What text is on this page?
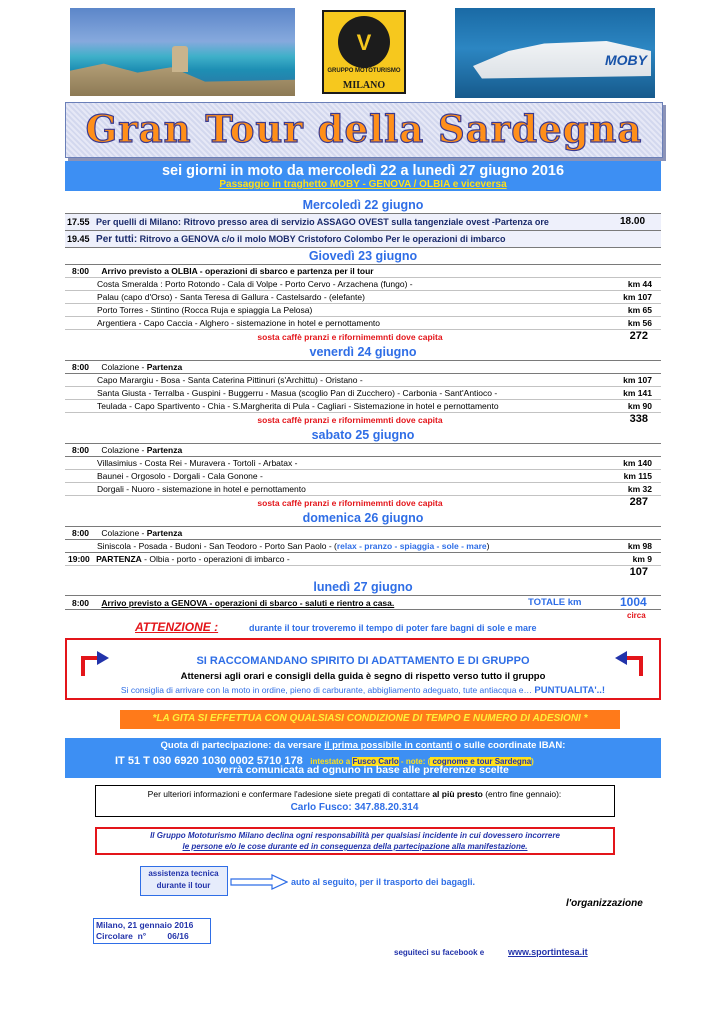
V
GRUPPO MOTOTURISMO
MILANO
MOBY
Gran Tour della Sardegna
sei giorni in moto da mercoledì 22 a lunedì 27 giugno 2016
Passaggio in traghetto MOBY - GENOVA / OLBIA e viceversa
Mercoledì 22 giugno
17.55 Per quelli di Milano: Ritrovo presso area di servizio ASSAGO OVEST sulla tangenziale ovest -Partenza ore	18.00
19.45 Per tutti: Ritrovo a GENOVA c/o il molo MOBY Cristoforo Colombo Per le operazioni di imbarco
Giovedì 23 giugno
8:00 Arrivo previsto a OLBIA - operazioni di sbarco e partenza per il tour
Costa Smeralda : Porto Rotondo - Cala di Volpe - Porto Cervo - Arzachena (fungo) -	km 44
Palau (capo d'Orso) - Santa Teresa di Gallura - Castelsardo - (elefante)	km 107
Porto Torres - Stintino (Rocca Ruja e spiaggia La Pelosa)	km 65
Argentiera - Capo Caccia - Alghero - sistemazione in hotel e pernottamento	km 56
sosta caffè pranzi e rifornimemnti dove capita	272
venerdì 24 giugno
8:00 Colazione - Partenza
Capo Marargiu - Bosa - Santa Caterina Pittinuri (s'Archittu) - Oristano -	km 107
Santa Giusta - Terralba - Guspini - Buggerru - Masua (scoglio Pan di Zucchero) - Carbonia - Sant'Antioco -	km 141
Teulada - Capo Spartivento - Chia - S.Margherita di Pula - Cagliari - Sistemazione in hotel e pernottamento	km 90
sosta caffè pranzi e rifornimemnti dove capita	338
sabato 25 giugno
8:00 Colazione - Partenza
Villasimius - Costa Rei - Muravera - Tortolì - Arbatax -	km 140
Baunei - Orgosolo - Dorgali - Cala Gonone -	km 115
Dorgali - Nuoro - sistemazione in hotel e pernottamento	km 32
sosta caffè pranzi e rifornimemnti dove capita	287
domenica 26 giugno
8:00 Colazione - Partenza
Siniscola - Posada - Budoni - San Teodoro - Porto San Paolo - (relax - pranzo - spiaggia - sole - mare)	km 98
19:00 PARTENZA - Olbia - porto - operazioni di imbarco -	km 9
107
lunedì 27 giugno
8:00 Arrivo previsto a GENOVA - operazioni di sbarco - saluti e rientro a casa.	TOTALE km	1004
circa
ATTENZIONE :	durante il tour troveremo il tempo di poter fare bagni di sole e mare
SI RACCOMANDANO SPIRITO DI ADATTAMENTO E DI GRUPPO
Attenersi agli orari e consigli della guida è segno di rispetto verso tutto il gruppo
Si consiglia di arrivare con la moto in ordine, pieno di carburante, abbigliamento adeguato, tute antiacqua e… PUNTUALITA'..!
*LA GITA SI EFFETTUA CON QUALSIASI CONDIZIONE DI TEMPO E NUMERO DI ADESIONI *
Quota di partecipazione: da versare il prima possibile in contanti o sulle coordinate IBAN:
IT 51 T 030 6920 1030 0002 5710 178 intestato a Fusco Carlo - note: ( cognome e tour Sardegna)
verrà comunicata ad ognuno in base alle preferenze scelte
Per ulteriori informazioni e confermare l'adesione siete pregati di contattare al più presto (entro fine gennaio):
Carlo Fusco: 347.88.20.314
Il Gruppo Mototurismo Milano declina ogni responsabilità per qualsiasi incidente in cui dovessero incorrere
le persone e/o le cose durante ed in conseguenza della partecipazione alla manifestazione.
assistenza tecnica
durante il tour	auto al seguito, per il trasporto dei bagagli.
l'organizzazione
Milano, 21 gennaio 2016
Circolare  n°         06/16
seguiteci su facebook e	www.sportintesa.it
